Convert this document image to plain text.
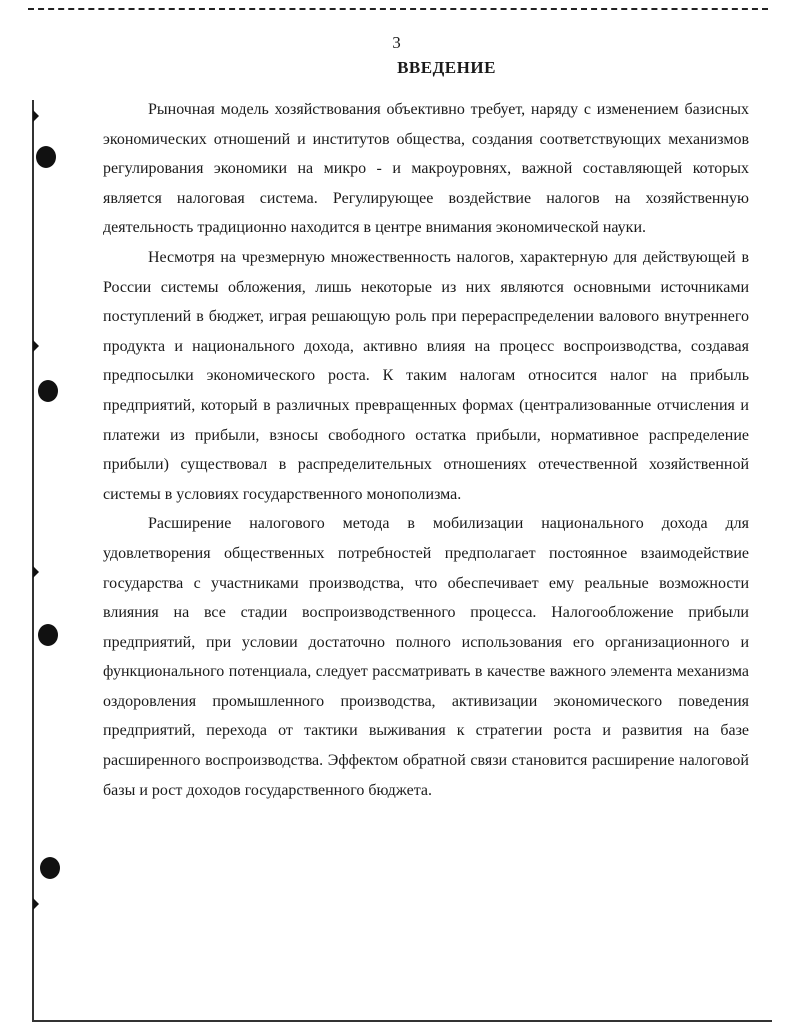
3
ВВЕДЕНИЕ

Рыночная модель хозяйствования объективно требует, наряду с изменением базисных экономических отношений и институтов общества, создания соответствующих механизмов регулирования экономики на микро - и макроуровнях, важной составляющей которых является налоговая система. Регулирующее воздействие налогов на хозяйственную деятельность традиционно находится в центре внимания экономической науки.

Несмотря на чрезмерную множественность налогов, характерную для действующей в России системы обложения, лишь некоторые из них являются основными источниками поступлений в бюджет, играя решающую роль при перераспределении валового внутреннего продукта и национального дохода, активно влияя на процесс воспроизводства, создавая предпосылки экономического роста. К таким налогам относится налог на прибыль предприятий, который в различных превращенных формах (централизованные отчисления и платежи из прибыли, взносы свободного остатка прибыли, нормативное распределение прибыли) существовал в распределительных отношениях отечественной хозяйственной системы в условиях государственного монополизма.

Расширение налогового метода в мобилизации национального дохода для удовлетворения общественных потребностей предполагает постоянное взаимодействие государства с участниками производства, что обеспечивает ему реальные возможности влияния на все стадии воспроизводственного процесса. Налогообложение прибыли предприятий, при условии достаточно полного использования его организационного и функционального потенциала, следует рассматривать в качестве важного элемента механизма оздоровления промышленного производства, активизации экономического поведения предприятий, перехода от тактики выживания к стратегии роста и развития на базе расширенного воспроизводства. Эффектом обратной связи становится расширение налоговой базы и рост доходов государственного бюджета.
